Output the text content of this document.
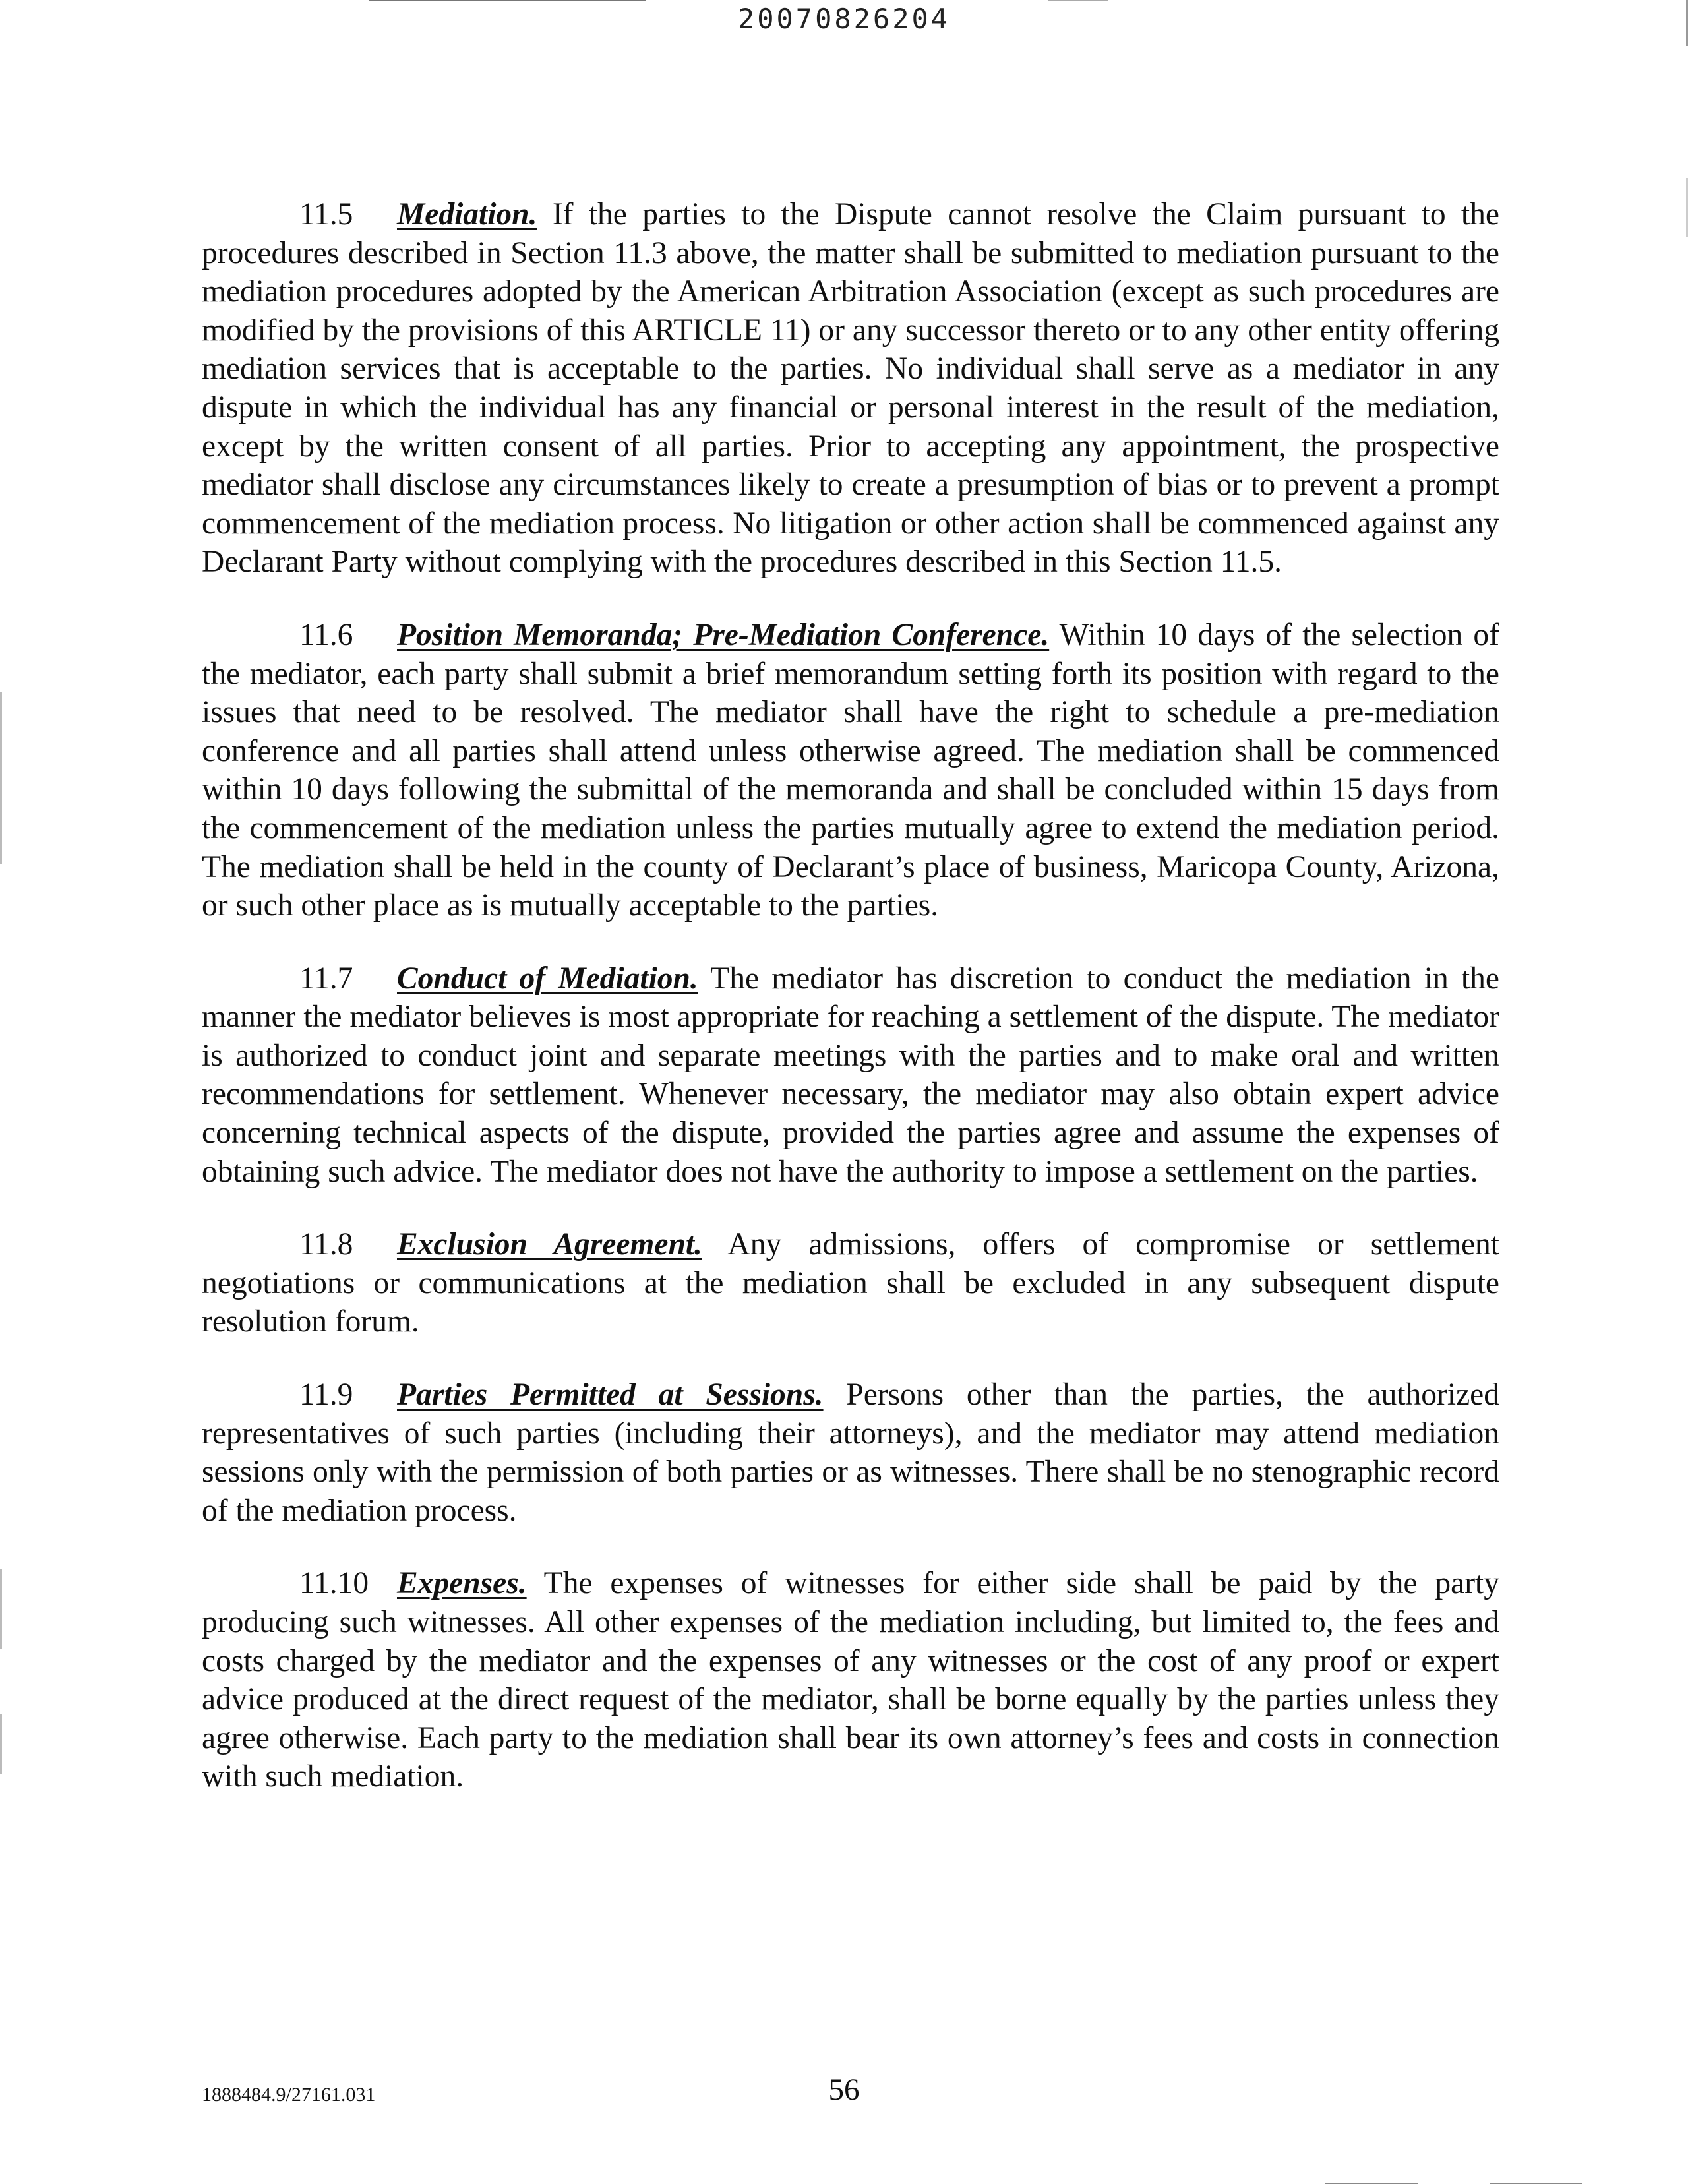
20070826204

11.5 Mediation. If the parties to the Dispute cannot resolve the Claim pursuant to the procedures described in Section 11.3 above, the matter shall be submitted to mediation pursuant to the mediation procedures adopted by the American Arbitration Association (except as such procedures are modified by the provisions of this ARTICLE 11) or any successor thereto or to any other entity offering mediation services that is acceptable to the parties. No individual shall serve as a mediator in any dispute in which the individual has any financial or personal interest in the result of the mediation, except by the written consent of all parties. Prior to accepting any appointment, the prospective mediator shall disclose any circumstances likely to create a presumption of bias or to prevent a prompt commencement of the mediation process. No litigation or other action shall be commenced against any Declarant Party without complying with the procedures described in this Section 11.5.

11.6 Position Memoranda; Pre-Mediation Conference. Within 10 days of the selection of the mediator, each party shall submit a brief memorandum setting forth its position with regard to the issues that need to be resolved. The mediator shall have the right to schedule a pre-mediation conference and all parties shall attend unless otherwise agreed. The mediation shall be commenced within 10 days following the submittal of the memoranda and shall be concluded within 15 days from the commencement of the mediation unless the parties mutually agree to extend the mediation period. The mediation shall be held in the county of Declarant’s place of business, Maricopa County, Arizona, or such other place as is mutually acceptable to the parties.

11.7 Conduct of Mediation. The mediator has discretion to conduct the mediation in the manner the mediator believes is most appropriate for reaching a settlement of the dispute. The mediator is authorized to conduct joint and separate meetings with the parties and to make oral and written recommendations for settlement. Whenever necessary, the mediator may also obtain expert advice concerning technical aspects of the dispute, provided the parties agree and assume the expenses of obtaining such advice. The mediator does not have the authority to impose a settlement on the parties.

11.8 Exclusion Agreement. Any admissions, offers of compromise or settlement negotiations or communications at the mediation shall be excluded in any subsequent dispute resolution forum.

11.9 Parties Permitted at Sessions. Persons other than the parties, the authorized representatives of such parties (including their attorneys), and the mediator may attend mediation sessions only with the permission of both parties or as witnesses. There shall be no stenographic record of the mediation process.

11.10 Expenses. The expenses of witnesses for either side shall be paid by the party producing such witnesses. All other expenses of the mediation including, but limited to, the fees and costs charged by the mediator and the expenses of any witnesses or the cost of any proof or expert advice produced at the direct request of the mediator, shall be borne equally by the parties unless they agree otherwise. Each party to the mediation shall bear its own attorney’s fees and costs in connection with such mediation.

1888484.9/27161.031	56
